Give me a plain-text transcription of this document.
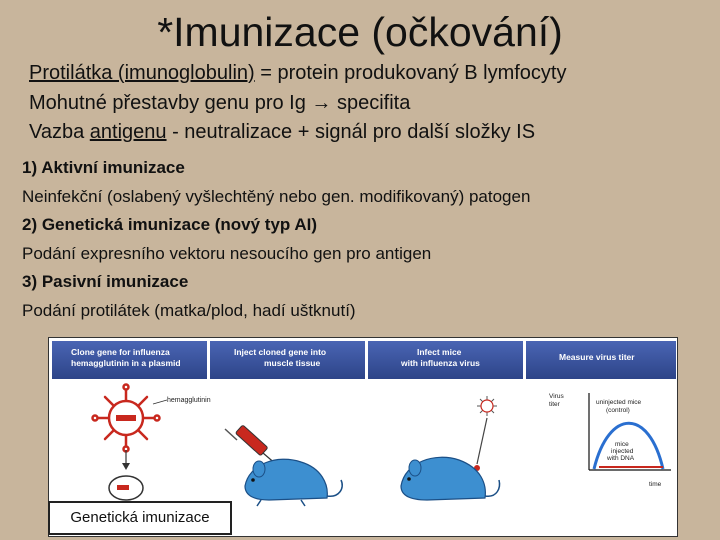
*Imunizace (očkování)
Protilátka (imunoglobulin) = protein produkovaný B lymfocyty
Mohutné přestavby genu pro Ig → specifita
Vazba antigenu - neutralizace + signál pro další složky IS
1) Aktivní imunizace
Neinfekční (oslabený vyšlechtěný nebo gen. modifikovaný) patogen
2) Genetická imunizace (nový typ AI)
Podání expresního vektoru nesoucího gen pro antigen
3) Pasivní imunizace
Podání protilátek (matka/plod, hadí uštknutí)
Clone gene for influenza
hemagglutinin in a plasmid
Inject cloned gene into
muscle tissue
Infect mice
with influenza virus
Measure virus titer
hemagglutinin
Virus
titer	uninjected mice
(control)
mice
injected
with DNA
time
Genetická imunizace
